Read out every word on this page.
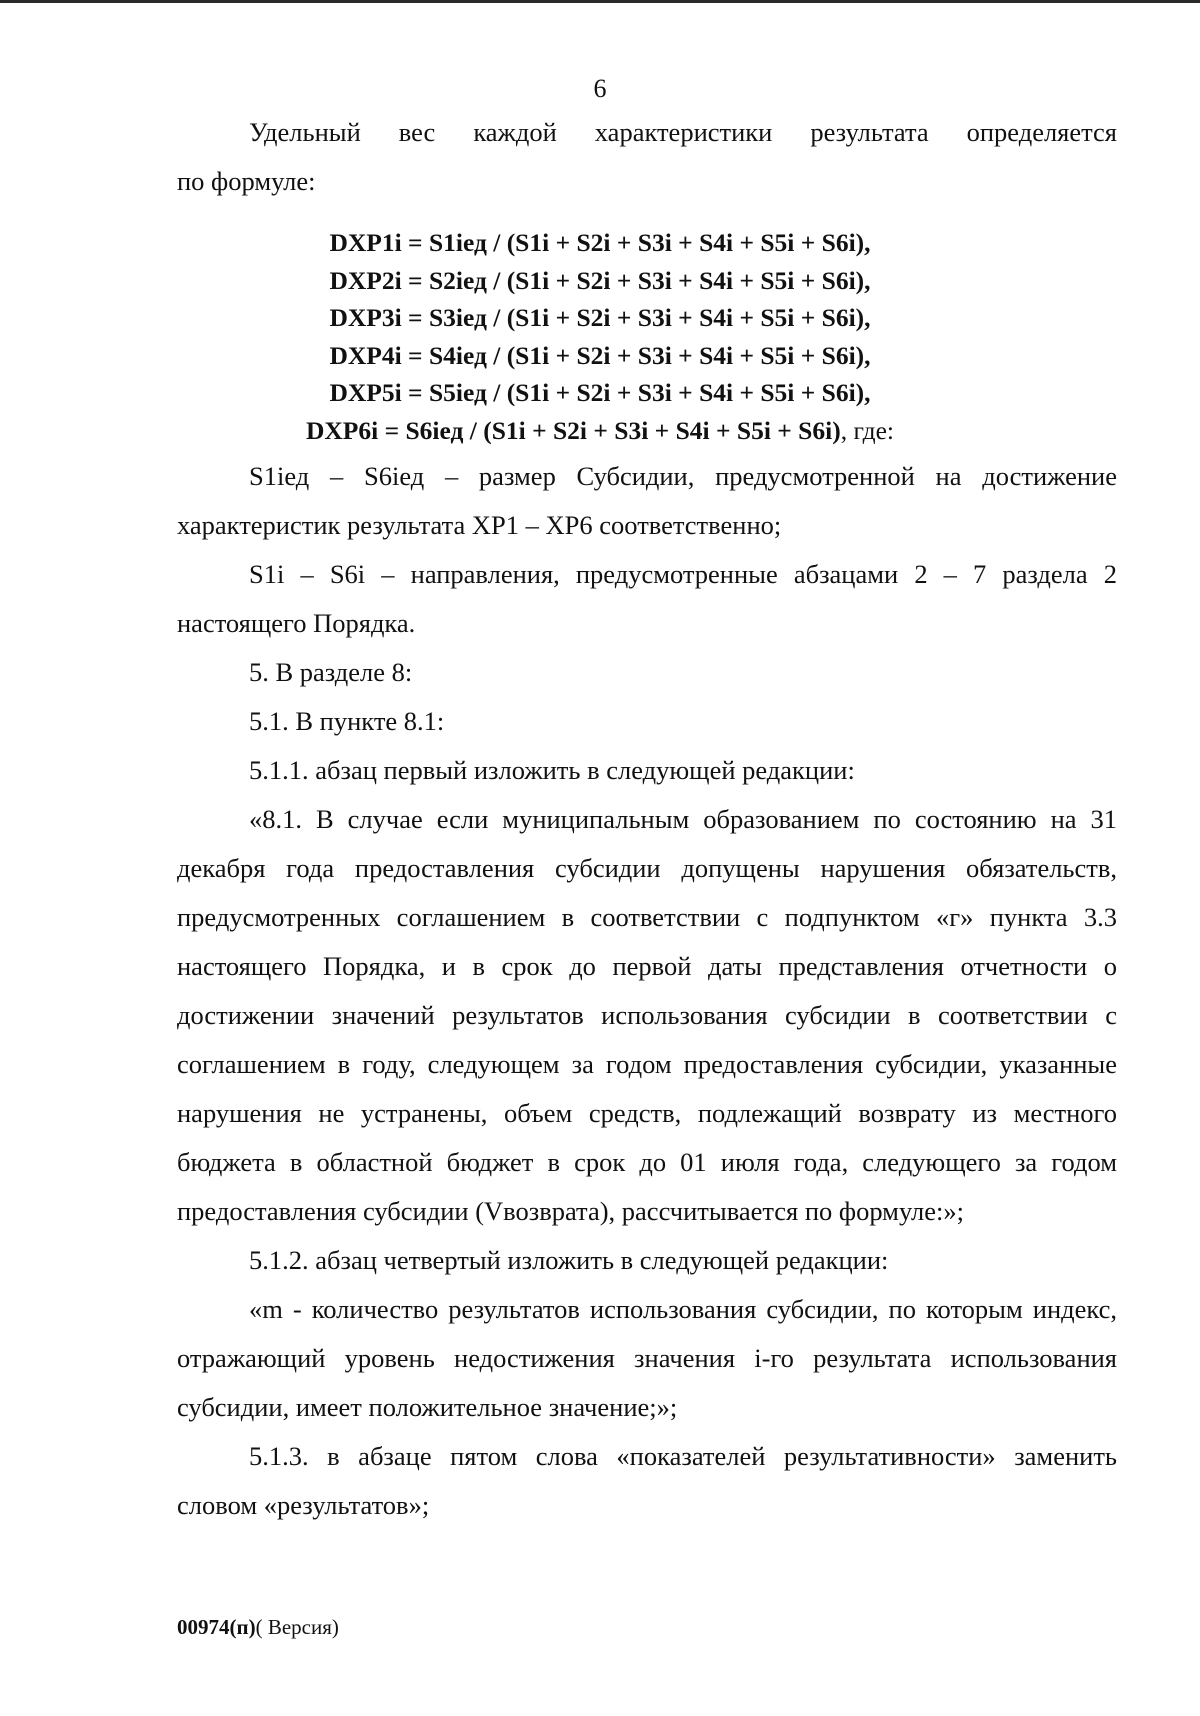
6

Удельный вес каждой характеристики результата определяется

по формуле:

DXP1i = S1iед / (S1i + S2i + S3i + S4i + S5i + S6i),
DXP2i = S2iед / (S1i + S2i + S3i + S4i + S5i + S6i),
DXP3i = S3iед / (S1i + S2i + S3i + S4i + S5i + S6i),
DXP4i = S4iед / (S1i + S2i + S3i + S4i + S5i + S6i),
DXP5i = S5iед / (S1i + S2i + S3i + S4i + S5i + S6i),
DXP6i = S6iед / (S1i + S2i + S3i + S4i + S5i + S6i), где:

S1iед – S6iед – размер Субсидии, предусмотренной на достижение характеристик результата ХР1 – ХР6 соответственно;

S1i – S6i – направления, предусмотренные абзацами 2 – 7 раздела 2 настоящего Порядка.

5. В разделе 8:

5.1. В пункте 8.1:

5.1.1. абзац первый изложить в следующей редакции:

«8.1. В случае если муниципальным образованием по состоянию на 31 декабря года предоставления субсидии допущены нарушения обязательств, предусмотренных соглашением в соответствии с подпунктом «г» пункта 3.3 настоящего Порядка, и в срок до первой даты представления отчетности о достижении значений результатов использования субсидии в соответствии с соглашением в году, следующем за годом предоставления субсидии, указанные нарушения не устранены, объем средств, подлежащий возврату из местного бюджета в областной бюджет в срок до 01 июля года, следующего за годом предоставления субсидии (Vвозврата), рассчитывается по формуле:»;

5.1.2. абзац четвертый изложить в следующей редакции:

«m - количество результатов использования субсидии, по которым индекс, отражающий уровень недостижения значения i-го результата использования субсидии, имеет положительное значение;»;

5.1.3. в абзаце пятом слова «показателей результативности» заменить словом «результатов»;

00974(п)( Версия)
